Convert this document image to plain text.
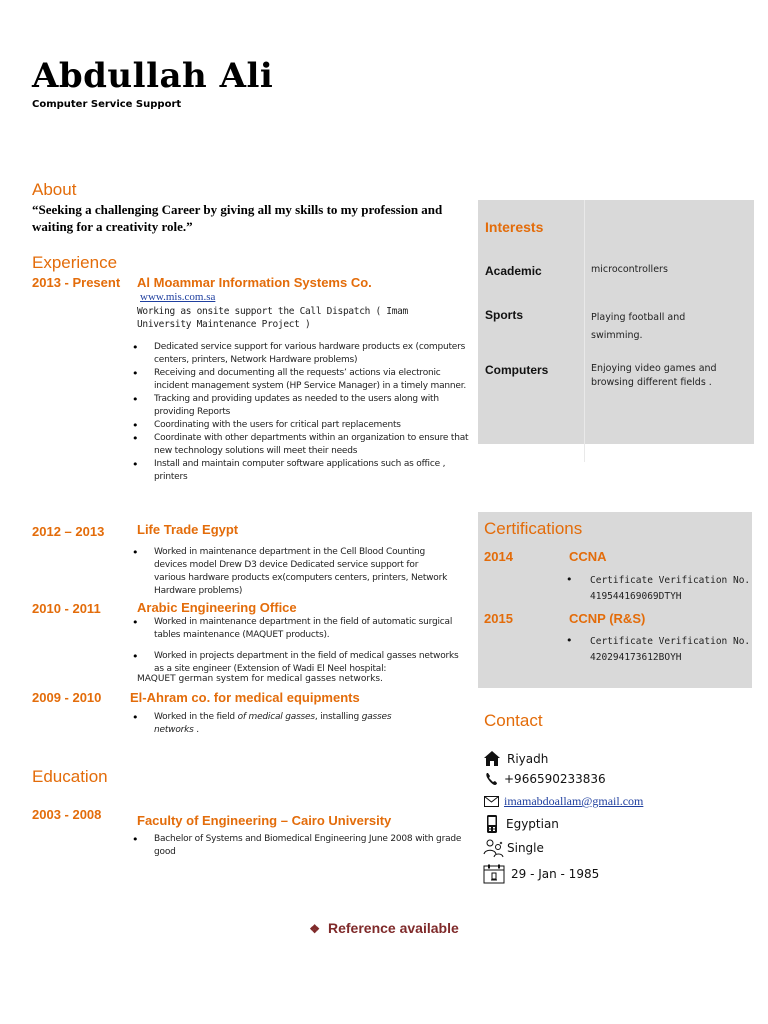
Abdullah Ali
Computer Service Support
About
“Seeking a challenging Career by giving all my skills to my profession and waiting for a creativity role.”
Experience
2013 - Present Al Moammar Information Systems Co.
www.mis.com.sa
Working as onsite support the Call Dispatch ( Imam University Maintenance Project )
• Dedicated service support for various hardware products ex (computers centers, printers, Network Hardware problems)
• Receiving and documenting all the requests’ actions via electronic incident management system (HP Service Manager) in a timely manner.
• Tracking and providing updates as needed to the users along with providing Reports
• Coordinating with the users for critical part replacements
• Coordinate with other departments within an organization to ensure that new technology solutions will meet their needs
• Install and maintain computer software applications such as office , printers
2012 – 2013	Life Trade Egypt
• Worked in maintenance department in the Cell Blood Counting devices model Drew D3 device Dedicated service support for various hardware products ex(computers centers, printers, Network Hardware problems)
2010 - 2011	Arabic Engineering Office
• Worked in maintenance department in the field of automatic surgical tables maintenance (MAQUET products).
• Worked in projects department in the field of medical gasses networks as a site engineer (Extension of Wadi El Neel hospital:
MAQUET german system for medical gasses networks.
2009 - 2010 El-Ahram co. for medical equipments
• Worked in the field of medical gasses, installing gasses networks .
Education
2003 - 2008	Faculty of Engineering – Cairo University
• Bachelor of Systems and Biomedical Engineering June 2008 with grade good
Interests
Academic	microcontrollers
Sports	Playing football and swimming.
Computers	Enjoying video games and browsing different fields .
Certifications
2014	CCNA
• Certificate Verification No.
419544169069DTYH
2015	CCNP (R&S)
• Certificate Verification No.
420294173612BOYH
Contact
Riyadh
+966590233836
imamabdoallam@gmail.com
Egyptian
Single
29 - Jan - 1985
❖ Reference available
